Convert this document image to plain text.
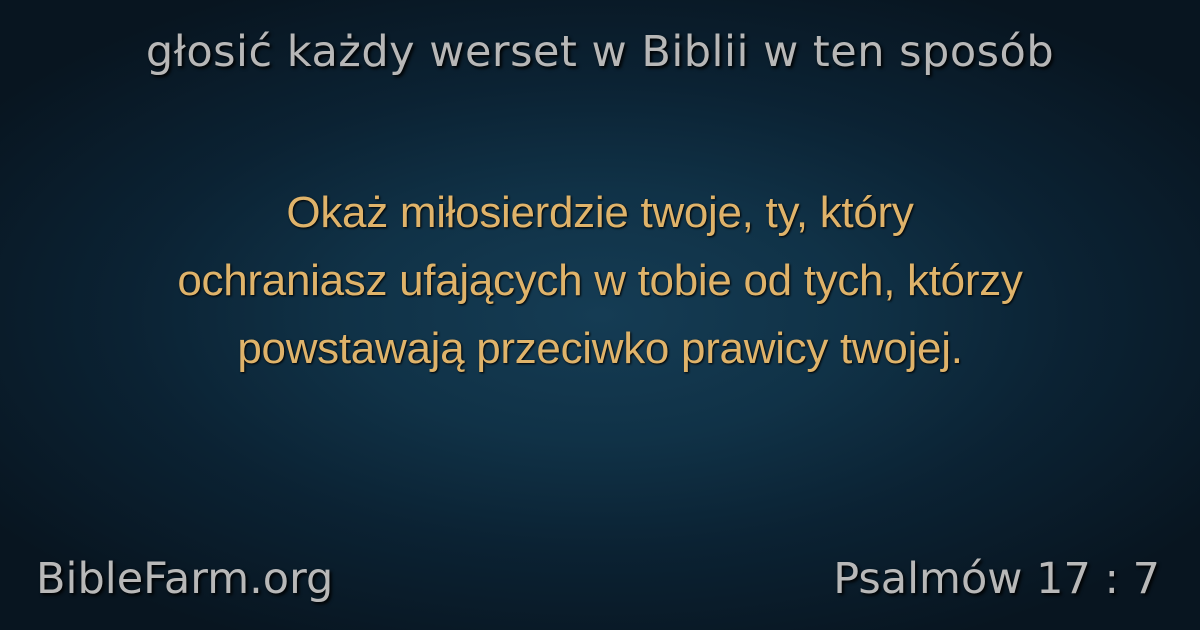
głosić każdy werset w Biblii w ten sposób
Okaż miłosierdzie twoje, ty, który
ochraniasz ufających w tobie od tych, którzy
powstawają przeciwko prawicy twojej.
BibleFarm.org	Psalmów 17 : 7
